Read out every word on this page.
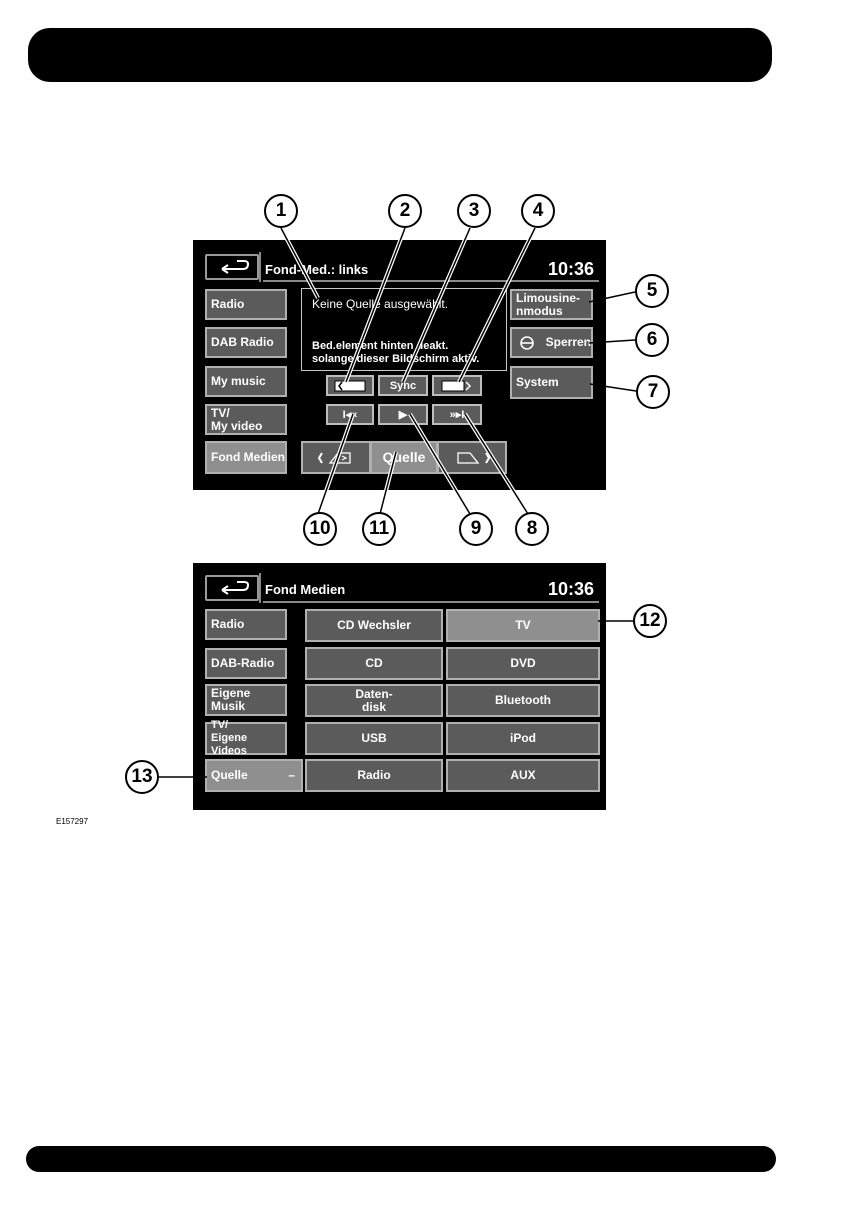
Fond-Med.: links	10:36
Radio
DAB Radio
My music
TV/
My video
Fond Medien
Keine Quelle ausgewählt.
Bed.element hinten deakt.
solange dieser Bildschirm aktiv.
Sync
I◂«	▶	»▸I
Quelle
Limousine-
nmodus
Sperren
System
Fond Medien	10:36
Radio
DAB-Radio
Eigene
Musik
TV/
Eigene Videos
Quelle	–
CD Wechsler
CD
Daten-
disk
USB
Radio
TV
DVD
Bluetooth
iPod
AUX
1	2	3	4
5
6
7
8
9
10	11
12
13
E157297
